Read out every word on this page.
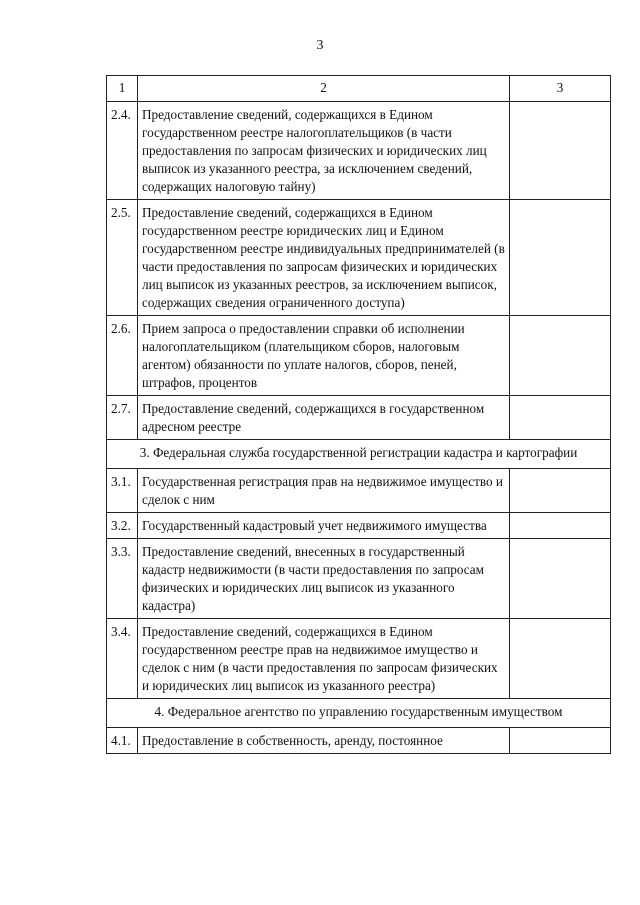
3
1	2	3
2.4.	Предоставление сведений, содержащихся в Едином государственном реестре налогоплательщиков (в части предоставления по запросам физических и юридических лиц выписок из указанного реестра, за исключением сведений, содержащих налоговую тайну)	
2.5.	Предоставление сведений, содержащихся в Едином государственном реестре юридических лиц и Едином государственном реестре индивидуальных предпринимателей (в части предоставления по запросам физических и юридических лиц выписок из указанных реестров, за исключением выписок, содержащих сведения ограниченного доступа)	
2.6.	Прием запроса о предоставлении справки об исполнении налогоплательщиком (плательщиком сборов, налоговым агентом) обязанности по уплате налогов, сборов, пеней, штрафов, процентов	
2.7.	Предоставление сведений, содержащихся в государственном адресном реестре	
3. Федеральная служба государственной регистрации кадастра и картографии		
3.1.	Государственная регистрация прав на недвижимое имущество и сделок с ним	
3.2.	Государственный кадастровый учет недвижимого имущества	
3.3.	Предоставление сведений, внесенных в государственный кадастр недвижимости (в части предоставления по запросам физических и юридических лиц выписок из указанного кадастра)	
3.4.	Предоставление сведений, содержащихся в Едином государственном реестре прав на недвижимое имущество и сделок с ним (в части предоставления по запросам физических и юридических лиц выписок из указанного реестра)	
4. Федеральное агентство по управлению государственным имуществом		
4.1.	Предоставление в собственность, аренду, постоянное	
